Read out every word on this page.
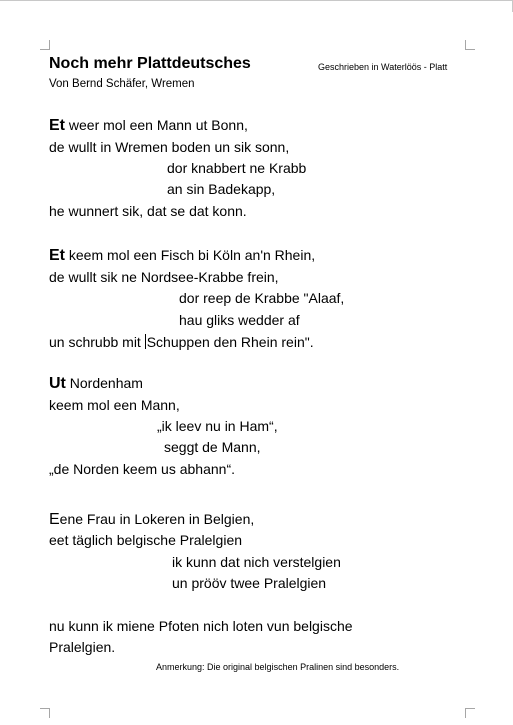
Noch mehr Plattdeutsches	Geschrieben in Waterlöös - Platt
Von Bernd Schäfer, Wremen
Et weer mol een Mann ut Bonn,
de wullt in Wremen boden un sik sonn,
dor knabbert ne Krabb
an sin Badekapp,
he wunnert sik, dat se dat konn.
Et keem mol een Fisch bi Köln an'n Rhein,
de wullt sik ne Nordsee-Krabbe frein,
dor reep de Krabbe "Alaaf,
hau gliks wedder af
un schrubb mit Schuppen den Rhein rein".
Ut Nordenham
keem mol een Mann,
„ik leev nu in Ham“,
seggt de Mann,
„de Norden keem us abhann“.
Eene Frau in Lokeren in Belgien,
eet täglich belgische Pralelgien
ik kunn dat nich verstelgien
un prööv twee Pralelgien
nu kunn ik miene Pfoten nich loten vun belgische
Pralelgien.
Anmerkung: Die original belgischen Pralinen sind besonders.
